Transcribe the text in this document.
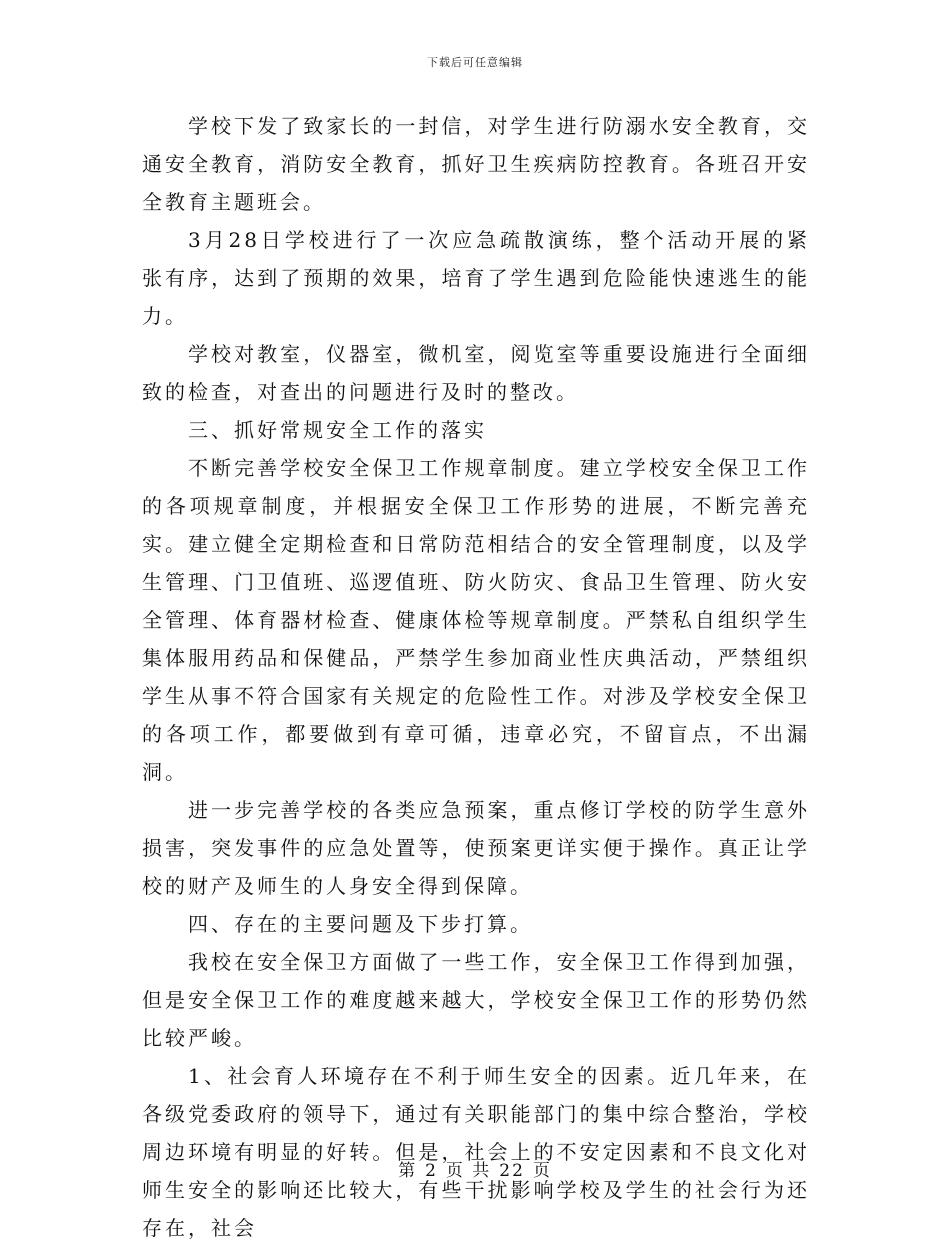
下载后可任意编辑

学校下发了致家长的一封信，对学生进行防溺水安全教育，交通安全教育，消防安全教育，抓好卫生疾病防控教育。各班召开安全教育主题班会。

3月28日学校进行了一次应急疏散演练，整个活动开展的紧张有序，达到了预期的效果，培育了学生遇到危险能快速逃生的能力。

学校对教室，仪器室，微机室，阅览室等重要设施进行全面细致的检查，对查出的问题进行及时的整改。

三、抓好常规安全工作的落实

不断完善学校安全保卫工作规章制度。建立学校安全保卫工作的各项规章制度，并根据安全保卫工作形势的进展，不断完善充实。建立健全定期检查和日常防范相结合的安全管理制度，以及学生管理、门卫值班、巡逻值班、防火防灾、食品卫生管理、防火安全管理、体育器材检查、健康体检等规章制度。严禁私自组织学生集体服用药品和保健品，严禁学生参加商业性庆典活动，严禁组织学生从事不符合国家有关规定的危险性工作。对涉及学校安全保卫的各项工作，都要做到有章可循，违章必究，不留盲点，不出漏洞。

进一步完善学校的各类应急预案，重点修订学校的防学生意外损害，突发事件的应急处置等，使预案更详实便于操作。真正让学校的财产及师生的人身安全得到保障。

四、存在的主要问题及下步打算。

我校在安全保卫方面做了一些工作，安全保卫工作得到加强，但是安全保卫工作的难度越来越大，学校安全保卫工作的形势仍然比较严峻。

1、社会育人环境存在不利于师生安全的因素。近几年来，在各级党委政府的领导下，通过有关职能部门的集中综合整治，学校周边环境有明显的好转。但是，社会上的不安定因素和不良文化对师生安全的影响还比较大，有些干扰影响学校及学生的社会行为还存在，社会

第 2 页 共 22 页
